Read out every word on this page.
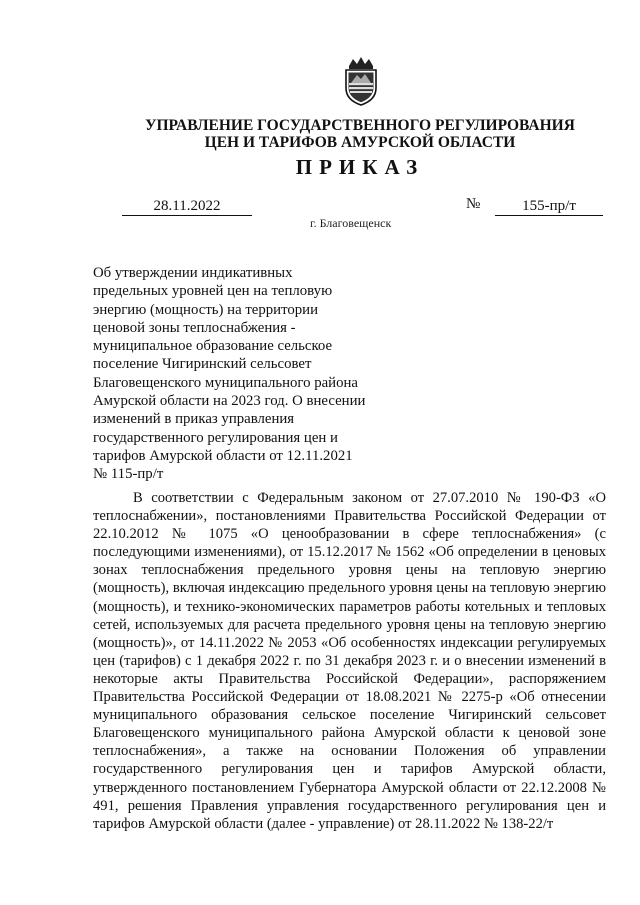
УПРАВЛЕНИЕ ГОСУДАРСТВЕННОГО РЕГУЛИРОВАНИЯ
ЦЕН И ТАРИФОВ АМУРСКОЙ ОБЛАСТИ
ПРИКАЗ
28.11.2022	№	155-пр/т
г. Благовещенск
Об утверждении индикативных
предельных уровней цен на тепловую
энергию (мощность) на территории
ценовой зоны теплоснабжения -
муниципальное образование сельское
поселение Чигиринский сельсовет
Благовещенского муниципального района
Амурской области на 2023 год. О внесении
изменений в приказ управления
государственного регулирования цен и
тарифов Амурской области от 12.11.2021
№ 115-пр/т
В соответствии с Федеральным законом от 27.07.2010 № 190-ФЗ «О теплоснабжении», постановлениями Правительства Российской Федерации от 22.10.2012 № 1075 «О ценообразовании в сфере теплоснабжения» (с последующими изменениями), от 15.12.2017 № 1562 «Об определении в ценовых зонах теплоснабжения предельного уровня цены на тепловую энергию (мощность), включая индексацию предельного уровня цены на тепловую энергию (мощность), и технико-экономических параметров работы котельных и тепловых сетей, используемых для расчета предельного уровня цены на тепловую энергию (мощность)», от 14.11.2022 № 2053 «Об особенностях индексации регулируемых цен (тарифов) с 1 декабря 2022 г. по 31 декабря 2023 г. и о внесении изменений в некоторые акты Правительства Российской Федерации», распоряжением Правительства Российской Федерации от 18.08.2021 № 2275-р «Об отнесении муниципального образования сельское поселение Чигиринский сельсовет Благовещенского муниципального района Амурской области к ценовой зоне теплоснабжения», а также на основании Положения об управлении государственного регулирования цен и тарифов Амурской области, утвержденного постановлением Губернатора Амурской области от 22.12.2008 № 491, решения Правления управления государственного регулирования цен и тарифов Амурской области (далее - управление) от 28.11.2022 № 138-22/т
